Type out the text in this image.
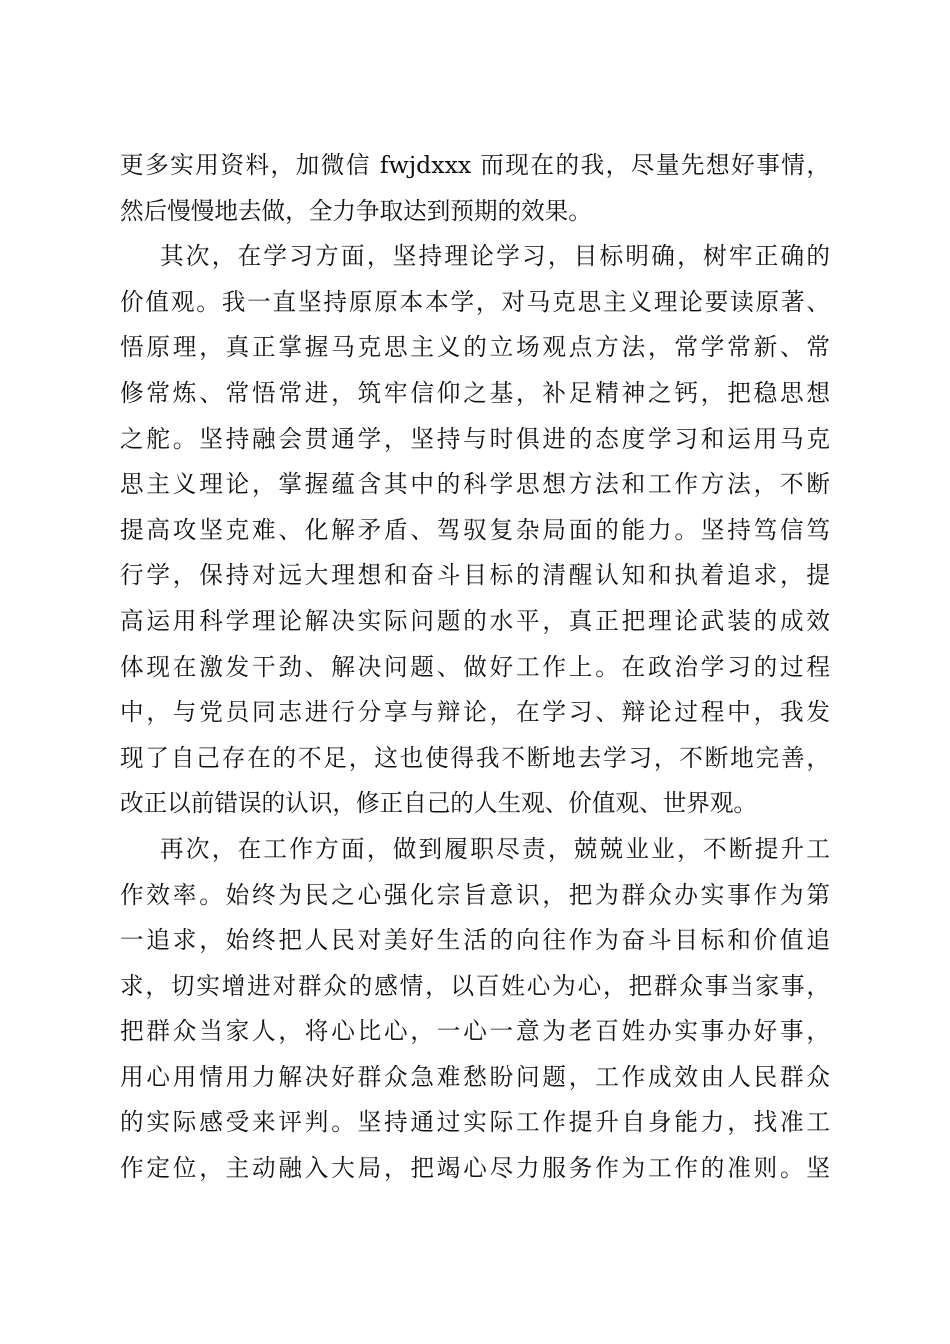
更多实用资料，加微信 fwjdxxx 而现在的我，尽量先想好事情，
然后慢慢地去做，全力争取达到预期的效果。
其次，在学习方面，坚持理论学习，目标明确，树牢正确的
价值观。我一直坚持原原本本学，对马克思主义理论要读原著、
悟原理，真正掌握马克思主义的立场观点方法，常学常新、常
修常炼、常悟常进，筑牢信仰之基，补足精神之钙，把稳思想
之舵。坚持融会贯通学，坚持与时俱进的态度学习和运用马克
思主义理论，掌握蕴含其中的科学思想方法和工作方法，不断
提高攻坚克难、化解矛盾、驾驭复杂局面的能力。坚持笃信笃
行学，保持对远大理想和奋斗目标的清醒认知和执着追求，提
高运用科学理论解决实际问题的水平，真正把理论武装的成效
体现在激发干劲、解决问题、做好工作上。在政治学习的过程
中，与党员同志进行分享与辩论，在学习、辩论过程中，我发
现了自己存在的不足，这也使得我不断地去学习，不断地完善，
改正以前错误的认识，修正自己的人生观、价值观、世界观。
再次，在工作方面，做到履职尽责，兢兢业业，不断提升工
作效率。始终为民之心强化宗旨意识，把为群众办实事作为第
一追求，始终把人民对美好生活的向往作为奋斗目标和价值追
求，切实增进对群众的感情，以百姓心为心，把群众事当家事，
把群众当家人，将心比心，一心一意为老百姓办实事办好事，
用心用情用力解决好群众急难愁盼问题，工作成效由人民群众
的实际感受来评判。坚持通过实际工作提升自身能力，找准工
作定位，主动融入大局，把竭心尽力服务作为工作的准则。坚
